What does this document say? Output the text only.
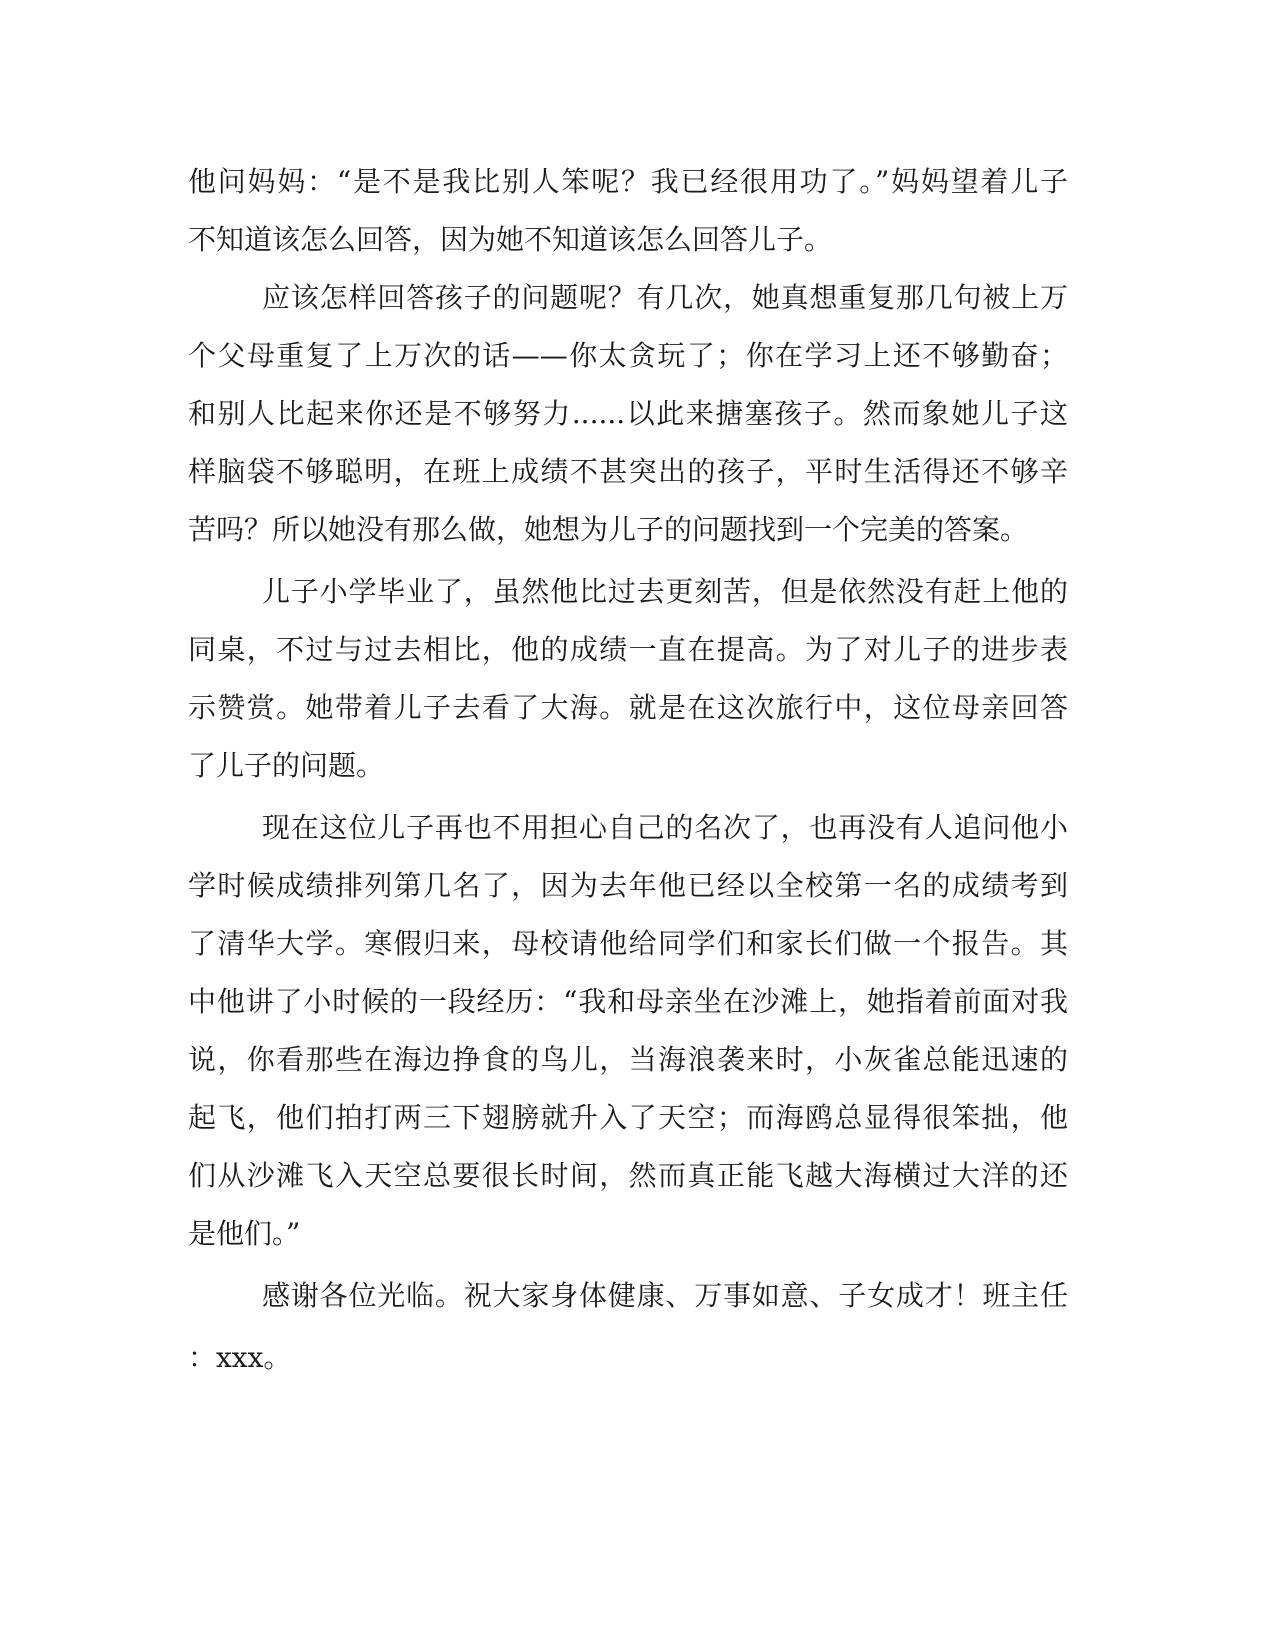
他问妈妈：“是不是我比别人笨呢？我已经很用功了。”妈妈望着儿子
不知道该怎么回答，因为她不知道该怎么回答儿子。
应该怎样回答孩子的问题呢？有几次，她真想重复那几句被上万
个父母重复了上万次的话——你太贪玩了；你在学习上还不够勤奋；
和别人比起来你还是不够努力......以此来搪塞孩子。然而象她儿子这
样脑袋不够聪明，在班上成绩不甚突出的孩子，平时生活得还不够辛
苦吗？所以她没有那么做，她想为儿子的问题找到一个完美的答案。
儿子小学毕业了，虽然他比过去更刻苦，但是依然没有赶上他的
同桌，不过与过去相比，他的成绩一直在提高。为了对儿子的进步表
示赞赏。她带着儿子去看了大海。就是在这次旅行中，这位母亲回答
了儿子的问题。
现在这位儿子再也不用担心自己的名次了，也再没有人追问他小
学时候成绩排列第几名了，因为去年他已经以全校第一名的成绩考到
了清华大学。寒假归来，母校请他给同学们和家长们做一个报告。其
中他讲了小时候的一段经历：“我和母亲坐在沙滩上，她指着前面对我
说，你看那些在海边挣食的鸟儿，当海浪袭来时，小灰雀总能迅速的
起飞，他们拍打两三下翅膀就升入了天空；而海鸥总显得很笨拙，他
们从沙滩飞入天空总要很长时间，然而真正能飞越大海横过大洋的还
是他们。”
感谢各位光临。祝大家身体健康、万事如意、子女成才！班主任
：xxx。
